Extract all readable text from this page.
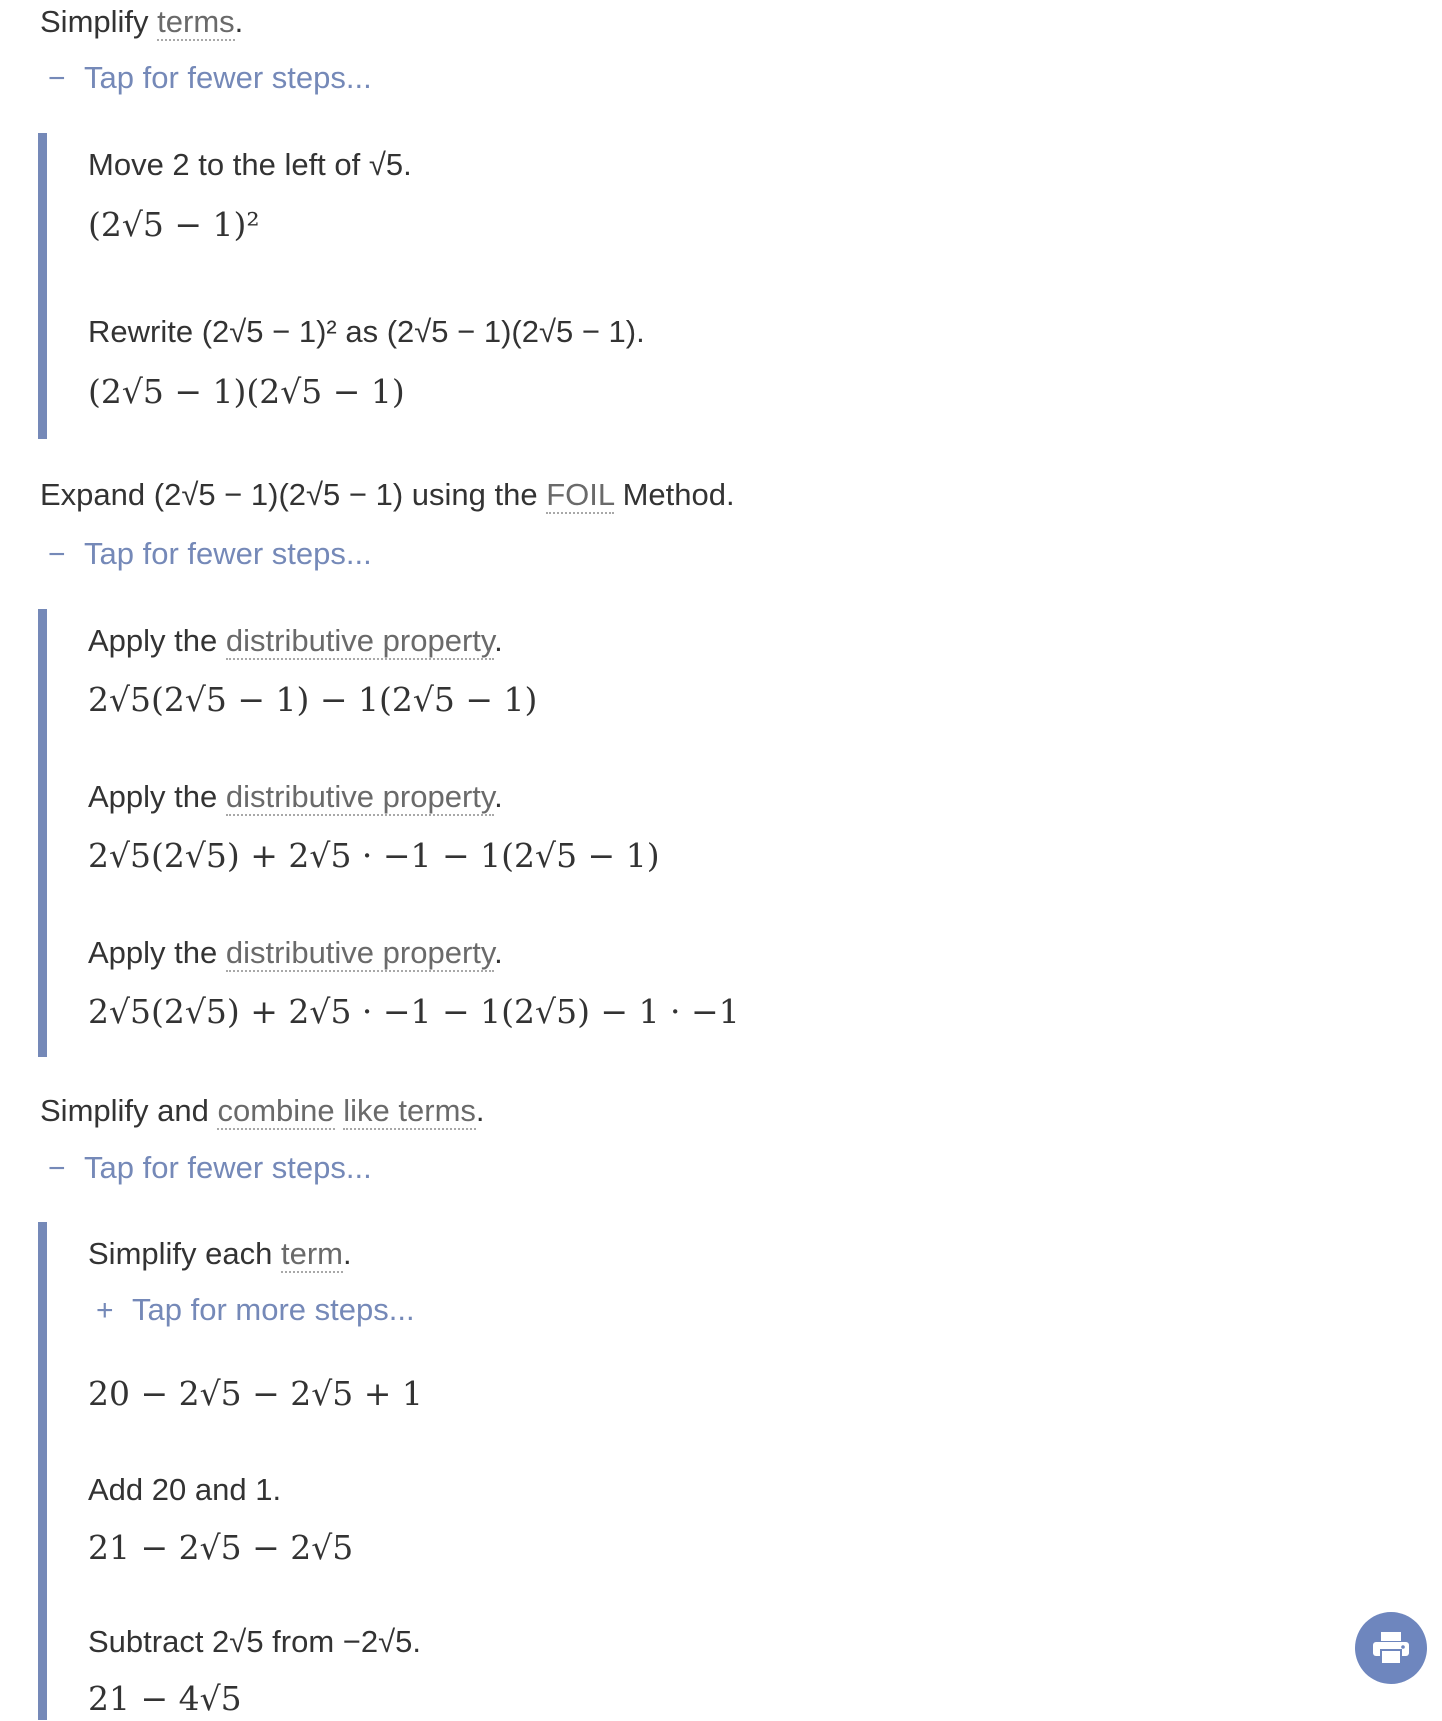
Simplify terms.
− Tap for fewer steps...
Move 2 to the left of √5.
(2√5 − 1)²
Rewrite (2√5 − 1)² as (2√5 − 1)(2√5 − 1).
(2√5 − 1)(2√5 − 1)
Expand (2√5 − 1)(2√5 − 1) using the FOIL Method.
− Tap for fewer steps...
Apply the distributive property.
2√5(2√5 − 1) − 1(2√5 − 1)
Apply the distributive property.
2√5(2√5) + 2√5 · −1 − 1(2√5 − 1)
Apply the distributive property.
2√5(2√5) + 2√5 · −1 − 1(2√5) − 1 · −1
Simplify and combine like terms.
− Tap for fewer steps...
Simplify each term.
+ Tap for more steps...
20 − 2√5 − 2√5 + 1
Add 20 and 1.
21 − 2√5 − 2√5
Subtract 2√5 from −2√5.
21 − 4√5
